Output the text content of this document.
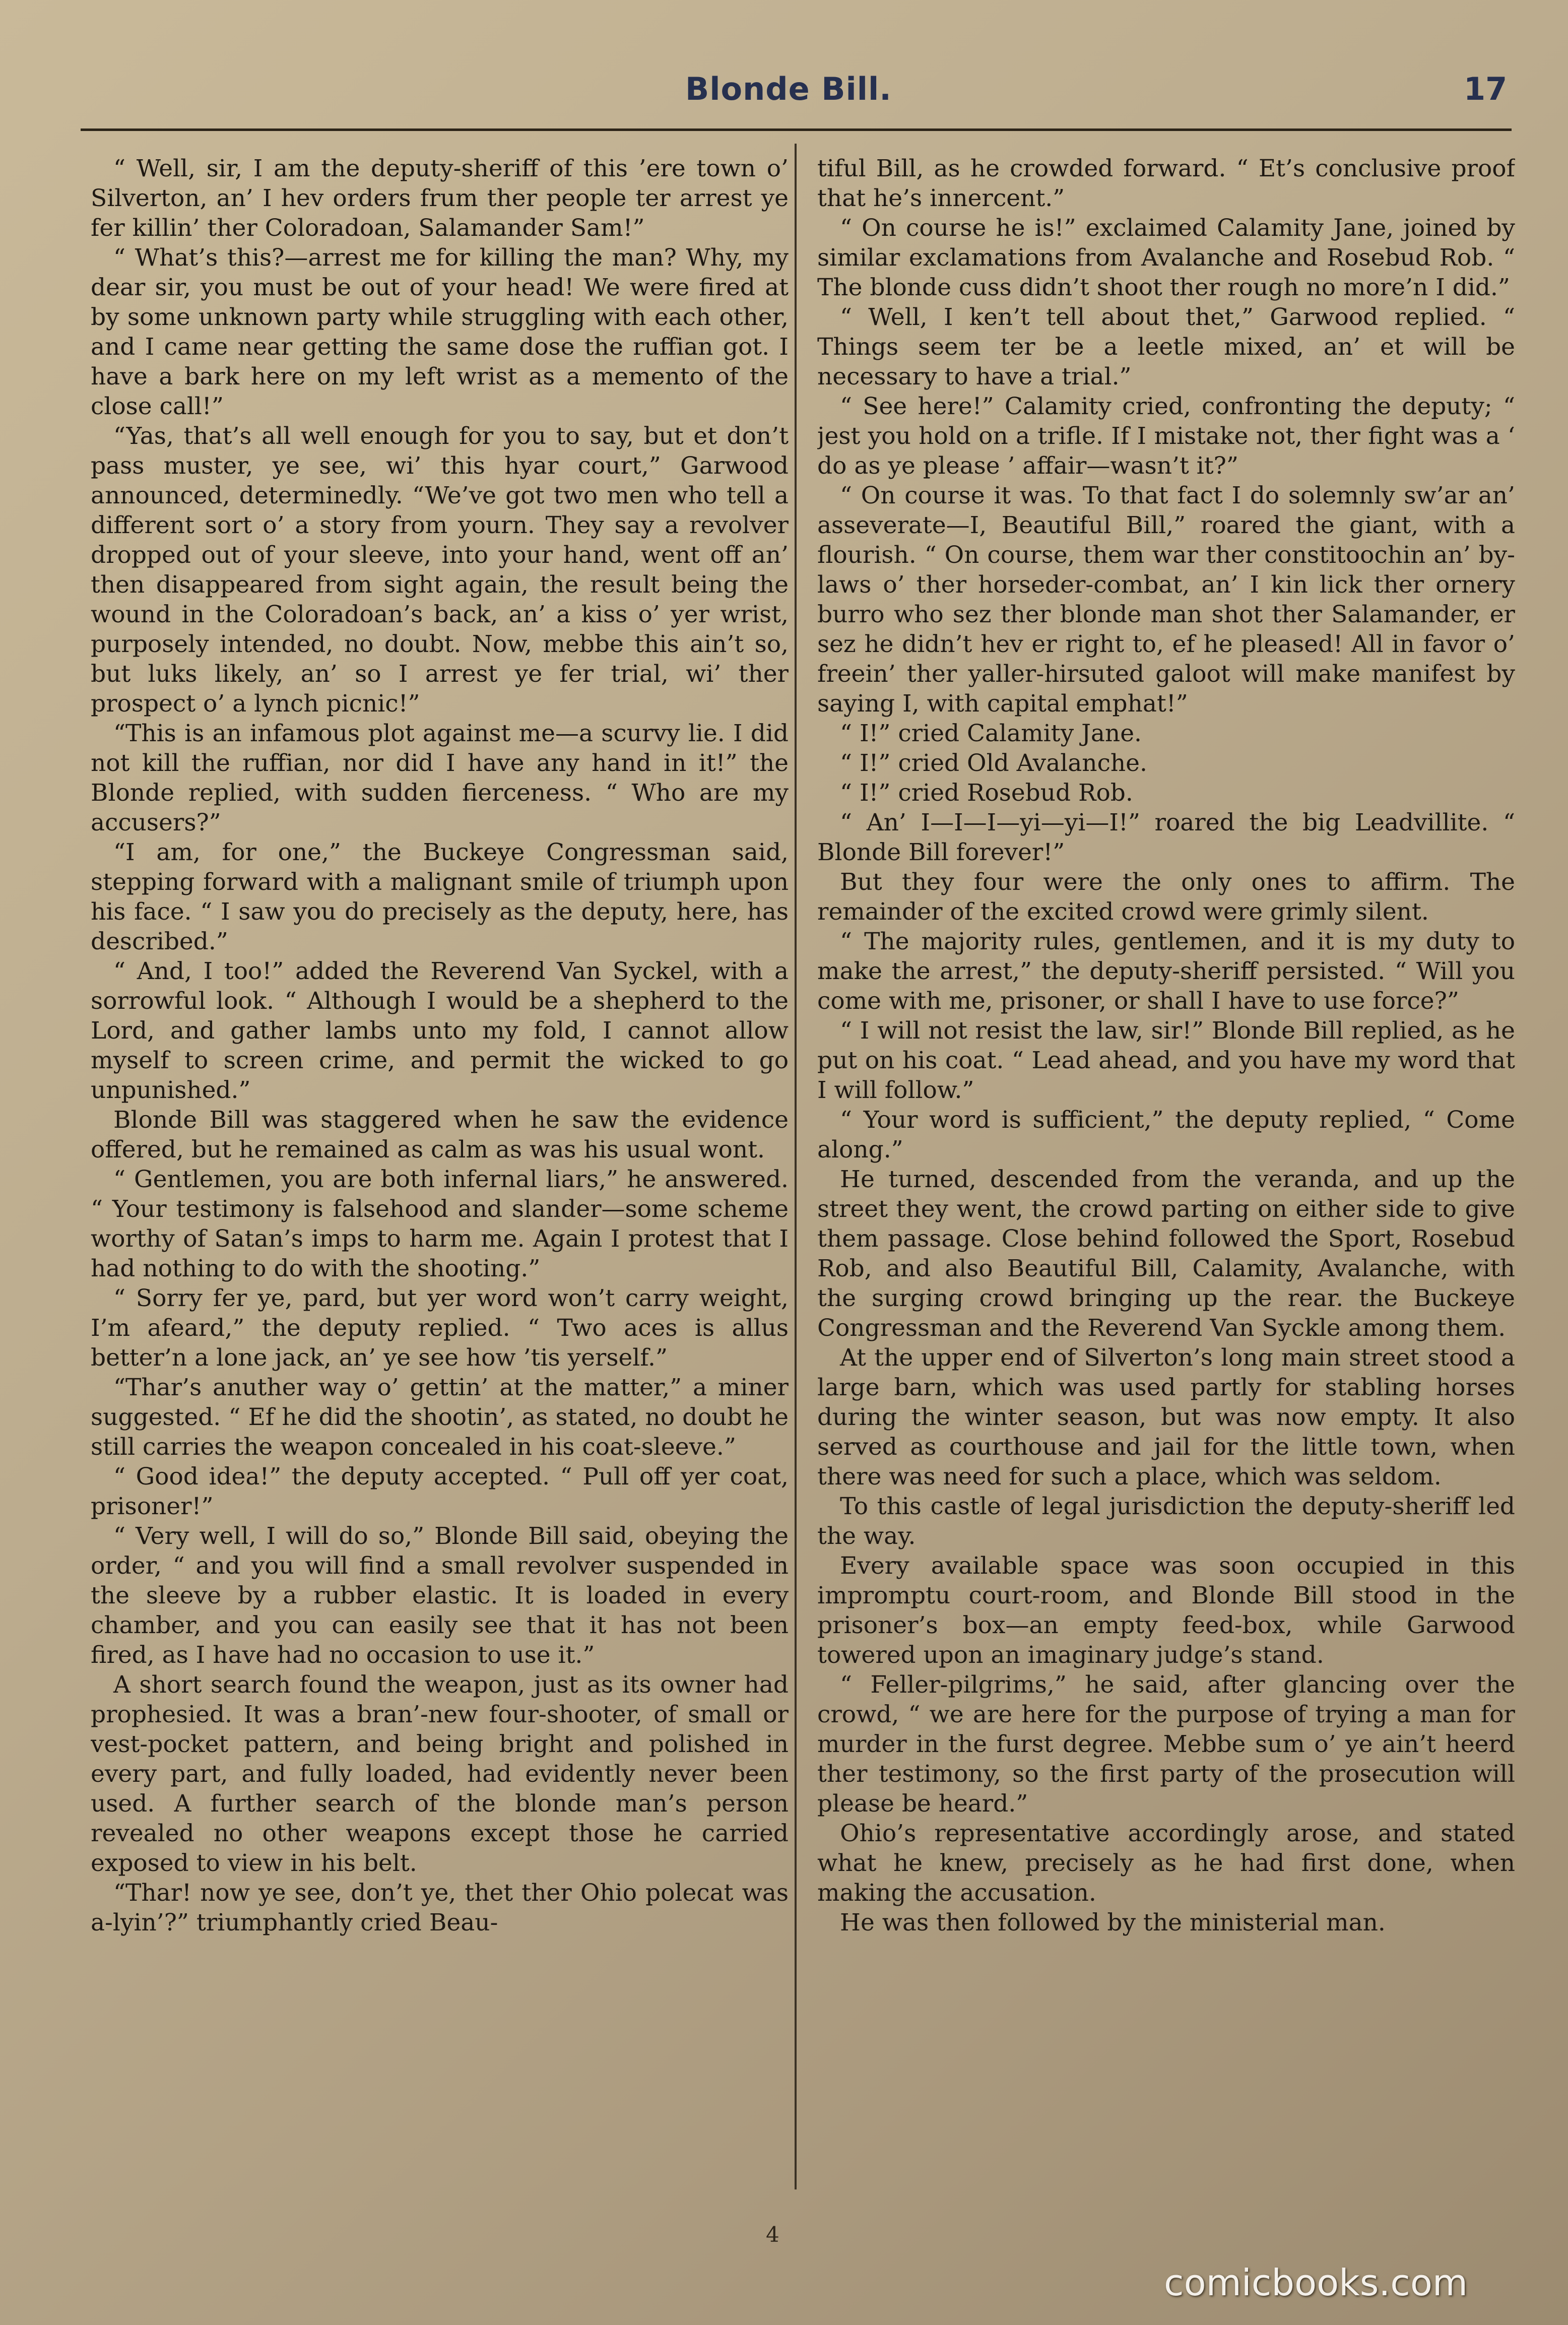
Blonde Bill.	17

“ Well, sir, I am the deputy-sheriff of this ’ere town o’ Silverton, an’ I hev orders frum ther people ter arrest ye fer killin’ ther Coloradoan, Salamander Sam!”

“ What’s this?—arrest me for killing the man? Why, my dear sir, you must be out of your head! We were fired at by some unknown party while struggling with each other, and I came near getting the same dose the ruffian got. I have a bark here on my left wrist as a memento of the close call!”

“Yas, that’s all well enough for you to say, but et don’t pass muster, ye see, wi’ this hyar court,” Garwood announced, determinedly. “We’ve got two men who tell a different sort o’ a story from yourn. They say a revolver dropped out of your sleeve, into your hand, went off an’ then disappeared from sight again, the result being the wound in the Coloradoan’s back, an’ a kiss o’ yer wrist, purposely intended, no doubt. Now, mebbe this ain’t so, but luks likely, an’ so I arrest ye fer trial, wi’ ther prospect o’ a lynch picnic!”

“This is an infamous plot against me—a scurvy lie. I did not kill the ruffian, nor did I have any hand in it!” the Blonde replied, with sudden fierceness. “ Who are my accusers?”

“I am, for one,” the Buckeye Congressman said, stepping forward with a malignant smile of triumph upon his face. “ I saw you do precisely as the deputy, here, has described.”

“ And, I too!” added the Reverend Van Syckel, with a sorrowful look. “ Although I would be a shepherd to the Lord, and gather lambs unto my fold, I cannot allow myself to screen crime, and permit the wicked to go unpunished.”

Blonde Bill was staggered when he saw the evidence offered, but he remained as calm as was his usual wont.

“ Gentlemen, you are both infernal liars,” he answered. “ Your testimony is falsehood and slander—some scheme worthy of Satan’s imps to harm me. Again I protest that I had nothing to do with the shooting.”

“ Sorry fer ye, pard, but yer word won’t carry weight, I’m afeard,” the deputy replied. “ Two aces is allus better’n a lone jack, an’ ye see how ’tis yerself.”

“Thar’s anuther way o’ gettin’ at the matter,” a miner suggested. “ Ef he did the shootin’, as stated, no doubt he still carries the weapon concealed in his coat-sleeve.”

“ Good idea!” the deputy accepted. “ Pull off yer coat, prisoner!”

“ Very well, I will do so,” Blonde Bill said, obeying the order, “ and you will find a small revolver suspended in the sleeve by a rubber elastic. It is loaded in every chamber, and you can easily see that it has not been fired, as I have had no occasion to use it.”

A short search found the weapon, just as its owner had prophesied. It was a bran’-new four-shooter, of small or vest-pocket pattern, and being bright and polished in every part, and fully loaded, had evidently never been used. A further search of the blonde man’s person revealed no other weapons except those he carried exposed to view in his belt.

“Thar! now ye see, don’t ye, thet ther Ohio polecat was a-lyin’?” triumphantly cried Beau-

tiful Bill, as he crowded forward. “ Et’s conclusive proof that he’s innercent.”

“ On course he is!” exclaimed Calamity Jane, joined by similar exclamations from Avalanche and Rosebud Rob. “ The blonde cuss didn’t shoot ther rough no more’n I did.”

“ Well, I ken’t tell about thet,” Garwood replied. “ Things seem ter be a leetle mixed, an’ et will be necessary to have a trial.”

“ See here!” Calamity cried, confronting the deputy; “ jest you hold on a trifle. If I mistake not, ther fight was a ‘ do as ye please ’ affair—wasn’t it?”

“ On course it was. To that fact I do solemnly sw’ar an’ asseverate—I, Beautiful Bill,” roared the giant, with a flourish. “ On course, them war ther constitoochin an’ by-laws o’ ther horseder-combat, an’ I kin lick ther ornery burro who sez ther blonde man shot ther Salamander, er sez he didn’t hev er right to, ef he pleased! All in favor o’ freein’ ther yaller-hirsuted galoot will make manifest by saying I, with capital emphat!”

“ I!” cried Calamity Jane.

“ I!” cried Old Avalanche.

“ I!” cried Rosebud Rob.

“ An’ I—I—I—yi—yi—I!” roared the big Leadvillite. “ Blonde Bill forever!”

But they four were the only ones to affirm. The remainder of the excited crowd were grimly silent.

“ The majority rules, gentlemen, and it is my duty to make the arrest,” the deputy-sheriff persisted. “ Will you come with me, prisoner, or shall I have to use force?”

“ I will not resist the law, sir!” Blonde Bill replied, as he put on his coat. “ Lead ahead, and you have my word that I will follow.”

“ Your word is sufficient,” the deputy replied, “ Come along.”

He turned, descended from the veranda, and up the street they went, the crowd parting on either side to give them passage. Close behind followed the Sport, Rosebud Rob, and also Beautiful Bill, Calamity, Avalanche, with the surging crowd bringing up the rear. the Buckeye Congressman and the Reverend Van Syckle among them.

At the upper end of Silverton’s long main street stood a large barn, which was used partly for stabling horses during the winter season, but was now empty. It also served as courthouse and jail for the little town, when there was need for such a place, which was seldom.

To this castle of legal jurisdiction the deputy-sheriff led the way.

Every available space was soon occupied in this impromptu court-room, and Blonde Bill stood in the prisoner’s box—an empty feed-box, while Garwood towered upon an imaginary judge’s stand.

“ Feller-pilgrims,” he said, after glancing over the crowd, “ we are here for the purpose of trying a man for murder in the furst degree. Mebbe sum o’ ye ain’t heerd ther testimony, so the first party of the prosecution will please be heard.”

Ohio’s representative accordingly arose, and stated what he knew, precisely as he had first done, when making the accusation.

He was then followed by the ministerial man.

4
comicbooks.com
